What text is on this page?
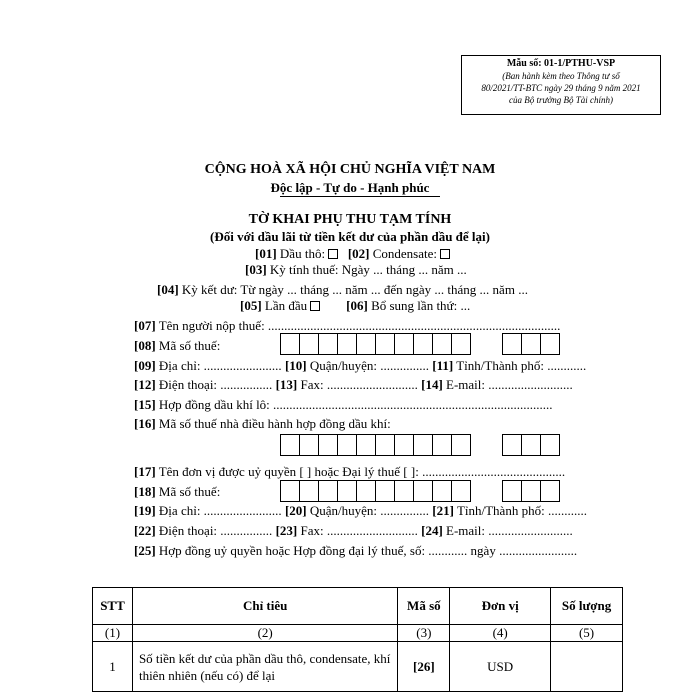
Mẫu số: 01-1/PTHU-VSP
(Ban hành kèm theo Thông tư số
80/2021/TT-BTC ngày 29 tháng 9 năm 2021
của Bộ trưởng Bộ Tài chính)
CỘNG HOÀ XÃ HỘI CHỦ NGHĨA VIỆT NAM
Độc lập - Tự do - Hạnh phúc
TỜ KHAI PHỤ THU TẠM TÍNH
(Đối với dầu lãi từ tiền kết dư của phần dầu để lại)
[01] Dầu thô: [02] Condensate:
[03] Kỳ tính thuế: Ngày ... tháng ... năm ...
[04] Kỳ kết dư: Từ ngày ... tháng ... năm ... đến ngày ... tháng ... năm ...
[05] Lần đầu	[06] Bổ sung lần thứ: ...
[07] Tên người nộp thuế: ..........................................................................................
[08] Mã số thuế:
[09] Địa chỉ: ........................ [10] Quận/huyện: ............... [11] Tỉnh/Thành phố: ............
[12] Điện thoại: ................ [13] Fax: ............................ [14] E-mail: ..........................
[15] Hợp đồng dầu khí lô: ......................................................................................
[16] Mã số thuế nhà điều hành hợp đồng dầu khí:
[17] Tên đơn vị được uỷ quyền [ ] hoặc Đại lý thuế [ ]: ............................................
[18] Mã số thuế:
[19] Địa chỉ: ........................ [20] Quận/huyện: ............... [21] Tỉnh/Thành phố: ............
[22] Điện thoại: ................ [23] Fax: ............................ [24] E-mail: ..........................
[25] Hợp đồng uỷ quyền hoặc Hợp đồng đại lý thuế, số: ............ ngày ........................
STT	Chỉ tiêu	Mã số	Đơn vị	Số lượng
(1)	(2)	(3)	(4)	(5)
1	Số tiền kết dư của phần dầu thô, condensate, khí thiên nhiên (nếu có) để lại	[26]	USD	
